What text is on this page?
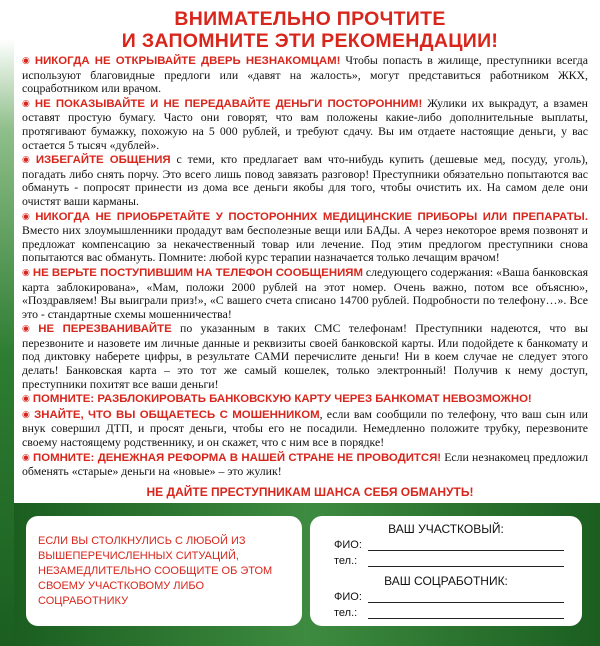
ВНИМАТЕЛЬНО ПРОЧТИТЕ
И ЗАПОМНИТЕ ЭТИ РЕКОМЕНДАЦИИ!

◉ НИКОГДА НЕ ОТКРЫВАЙТЕ ДВЕРЬ НЕЗНАКОМЦАМ! Чтобы попасть в жилище, преступники всегда используют благовидные предлоги или «давят на жалость», могут представиться работником ЖКХ, соцработником или врачом.

◉ НЕ ПОКАЗЫВАЙТЕ И НЕ ПЕРЕДАВАЙТЕ ДЕНЬГИ ПОСТОРОННИМ! Жулики их выкрадут, а взамен оставят простую бумагу. Часто они говорят, что вам положены какие-либо дополнительные выплаты, протягивают бумажку, похожую на 5 000 рублей, и требуют сдачу. Вы им отдаете настоящие деньги, у вас остается 5 тысяч «дублей».

◉ ИЗБЕГАЙТЕ ОБЩЕНИЯ с теми, кто предлагает вам что-нибудь купить (дешевые мед, посуду, уголь), погадать либо снять порчу. Это всего лишь повод завязать разговор! Преступники обязательно попытаются вас обмануть - попросят принести из дома все деньги якобы для того, чтобы очистить их. На самом деле они очистят ваши карманы.

◉ НИКОГДА НЕ ПРИОБРЕТАЙТЕ У ПОСТОРОННИХ МЕДИЦИНСКИЕ ПРИБОРЫ ИЛИ ПРЕПАРАТЫ. Вместо них злоумышленники продадут вам бесполезные вещи или БАДы. А через некоторое время позвонят и предложат компенсацию за некачественный товар или лечение. Под этим предлогом преступники снова попытаются вас обмануть. Помните: любой курс терапии назначается только лечащим врачом!

◉ НЕ ВЕРЬТЕ ПОСТУПИВШИМ НА ТЕЛЕФОН СООБЩЕНИЯМ следующего содержания: «Ваша банковская карта заблокирована», «Мам, положи 2000 рублей на этот номер. Очень важно, потом все объясню», «Поздравляем! Вы выиграли приз!», «С вашего счета списано 14700 рублей. Подробности по телефону…». Все это - стандартные схемы мошенничества!

◉ НЕ ПЕРЕЗВАНИВАЙТЕ по указанным в таких СМС телефонам! Преступники надеются, что вы перезвоните и назовете им личные данные и реквизиты своей банковской карты. Или подойдете к банкомату и под диктовку наберете цифры, в результате САМИ перечислите деньги! Ни в коем случае не следует этого делать! Банковская карта – это тот же самый кошелек, только электронный! Получив к нему доступ, преступники похитят все ваши деньги!

◉ ПОМНИТЕ: РАЗБЛОКИРОВАТЬ БАНКОВСКУЮ КАРТУ ЧЕРЕЗ БАНКОМАТ НЕВОЗМОЖНО!

◉ ЗНАЙТЕ, ЧТО ВЫ ОБЩАЕТЕСЬ С МОШЕННИКОМ, если вам сообщили по телефону, что ваш сын или внук совершил ДТП, и просят деньги, чтобы его не посадили. Немедленно положите трубку, перезвоните своему настоящему родственнику, и он скажет, что с ним все в порядке!

◉ ПОМНИТЕ: ДЕНЕЖНАЯ РЕФОРМА В НАШЕЙ СТРАНЕ НЕ ПРОВОДИТСЯ! Если незнакомец предложил обменять «старые» деньги на «новые» – это жулик!

НЕ ДАЙТЕ ПРЕСТУПНИКАМ ШАНСА СЕБЯ ОБМАНУТЬ!
ЕСЛИ ВЫ СТОЛКНУЛИСЬ С ЛЮБОЙ ИЗ ВЫШЕПЕРЕЧИСЛЕННЫХ СИТУАЦИЙ, НЕЗАМЕДЛИТЕЛЬНО СООБЩИТЕ ОБ ЭТОМ СВОЕМУ УЧАСТКОВОМУ ЛИБО СОЦРАБОТНИКУ
ВАШ УЧАСТКОВЫЙ:
ФИО:
тел.:
ВАШ СОЦРАБОТНИК:
ФИО:
тел.:
